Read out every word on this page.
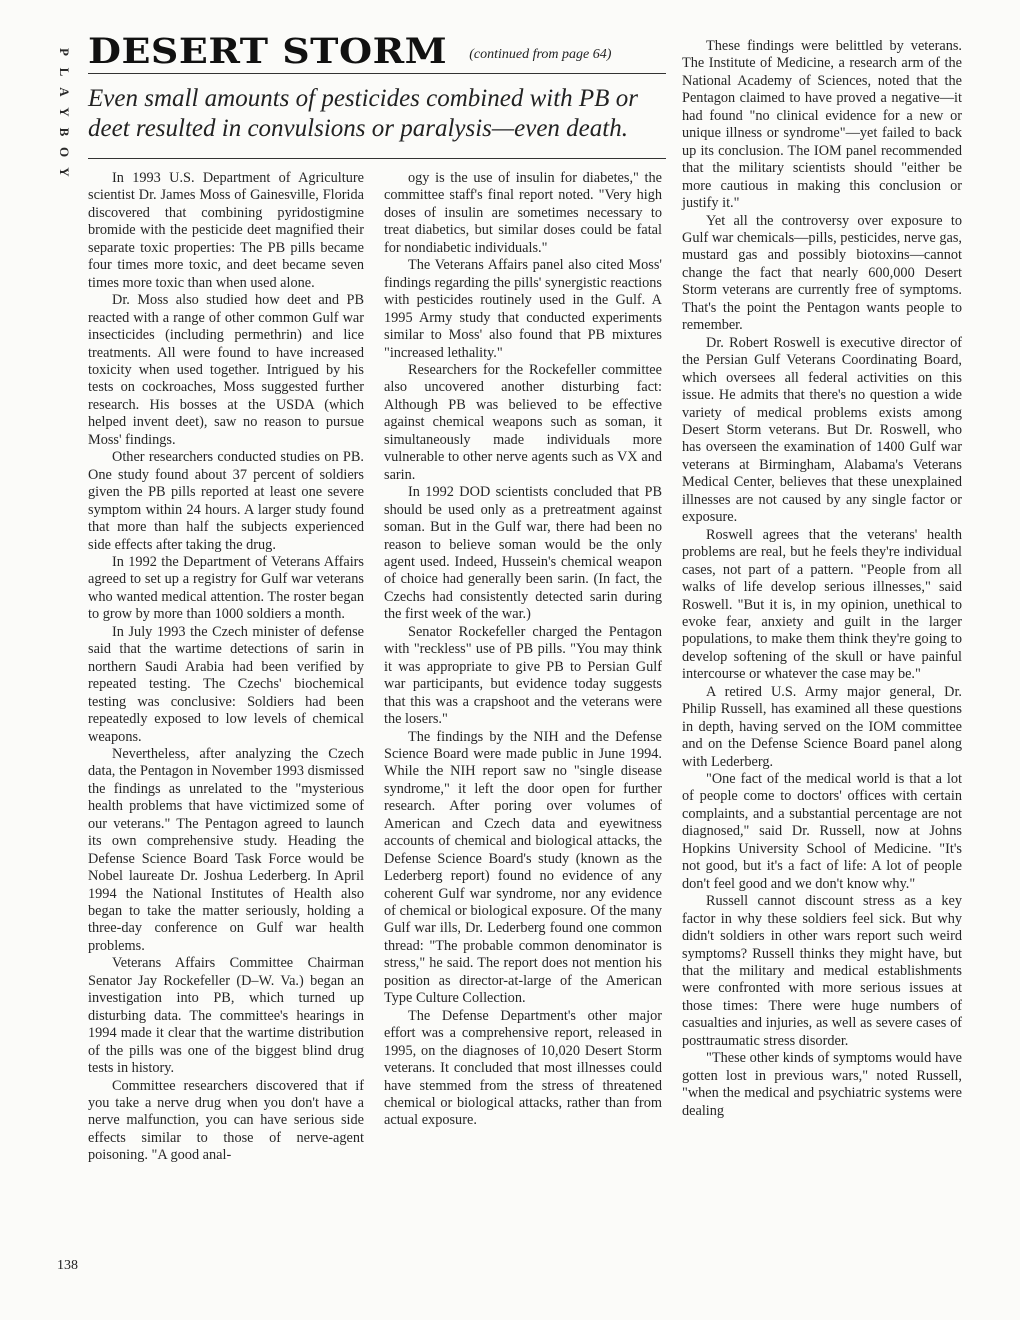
P
L
A
Y
B
O
Y
DESERT STORM (continued from page 64)
Even small amounts of pesticides combined with PB or deet resulted in convulsions or paralysis—even death.

In 1993 U.S. Department of Agriculture scientist Dr. James Moss of Gainesville, Florida discovered that combining pyridostigmine bromide with the pesticide deet magnified their separate toxic properties: The PB pills became four times more toxic, and deet became seven times more toxic than when used alone.

Dr. Moss also studied how deet and PB reacted with a range of other common Gulf war insecticides (including permethrin) and lice treatments. All were found to have increased toxicity when used together. Intrigued by his tests on cockroaches, Moss suggested further research. His bosses at the USDA (which helped invent deet), saw no reason to pursue Moss' findings.

Other researchers conducted studies on PB. One study found about 37 percent of soldiers given the PB pills reported at least one severe symptom within 24 hours. A larger study found that more than half the subjects experienced side effects after taking the drug.

In 1992 the Department of Veterans Affairs agreed to set up a registry for Gulf war veterans who wanted medical attention. The roster began to grow by more than 1000 soldiers a month.

In July 1993 the Czech minister of defense said that the wartime detections of sarin in northern Saudi Arabia had been verified by repeated testing. The Czechs' biochemical testing was conclusive: Soldiers had been repeatedly exposed to low levels of chemical weapons.

Nevertheless, after analyzing the Czech data, the Pentagon in November 1993 dismissed the findings as unrelated to the "mysterious health problems that have victimized some of our veterans." The Pentagon agreed to launch its own comprehensive study. Heading the Defense Science Board Task Force would be Nobel laureate Dr. Joshua Lederberg. In April 1994 the National Institutes of Health also began to take the matter seriously, holding a three-day conference on Gulf war health problems.

Veterans Affairs Committee Chairman Senator Jay Rockefeller (D–W. Va.) began an investigation into PB, which turned up disturbing data. The committee's hearings in 1994 made it clear that the wartime distribution of the pills was one of the biggest blind drug tests in history.

Committee researchers discovered that if you take a nerve drug when you don't have a nerve malfunction, you can have serious side effects similar to those of nerve-agent poisoning. "A good anal-

ogy is the use of insulin for diabetes," the committee staff's final report noted. "Very high doses of insulin are sometimes necessary to treat diabetics, but similar doses could be fatal for nondiabetic individuals."

The Veterans Affairs panel also cited Moss' findings regarding the pills' synergistic reactions with pesticides routinely used in the Gulf. A 1995 Army study that conducted experiments similar to Moss' also found that PB mixtures "increased lethality."

Researchers for the Rockefeller committee also uncovered another disturbing fact: Although PB was believed to be effective against chemical weapons such as soman, it simultaneously made individuals more vulnerable to other nerve agents such as VX and sarin.

In 1992 DOD scientists concluded that PB should be used only as a pretreatment against soman. But in the Gulf war, there had been no reason to believe soman would be the only agent used. Indeed, Hussein's chemical weapon of choice had generally been sarin. (In fact, the Czechs had consistently detected sarin during the first week of the war.)

Senator Rockefeller charged the Pentagon with "reckless" use of PB pills. "You may think it was appropriate to give PB to Persian Gulf war participants, but evidence today suggests that this was a crapshoot and the veterans were the losers."

The findings by the NIH and the Defense Science Board were made public in June 1994. While the NIH report saw no "single disease syndrome," it left the door open for further research. After poring over volumes of American and Czech data and eyewitness accounts of chemical and biological attacks, the Defense Science Board's study (known as the Lederberg report) found no evidence of any coherent Gulf war syndrome, nor any evidence of chemical or biological exposure. Of the many Gulf war ills, Dr. Lederberg found one common thread: "The probable common denominator is stress," he said. The report does not mention his position as director-at-large of the American Type Culture Collection.

The Defense Department's other major effort was a comprehensive report, released in 1995, on the diagnoses of 10,020 Desert Storm veterans. It concluded that most illnesses could have stemmed from the stress of threatened chemical or biological attacks, rather than from actual exposure.

These findings were belittled by veterans. The Institute of Medicine, a research arm of the National Academy of Sciences, noted that the Pentagon claimed to have proved a negative—it had found "no clinical evidence for a new or unique illness or syndrome"—yet failed to back up its conclusion. The IOM panel recommended that the military scientists should "either be more cautious in making this conclusion or justify it."

Yet all the controversy over exposure to Gulf war chemicals—pills, pesticides, nerve gas, mustard gas and possibly biotoxins—cannot change the fact that nearly 600,000 Desert Storm veterans are currently free of symptoms. That's the point the Pentagon wants people to remember.

Dr. Robert Roswell is executive director of the Persian Gulf Veterans Coordinating Board, which oversees all federal activities on this issue. He admits that there's no question a wide variety of medical problems exists among Desert Storm veterans. But Dr. Roswell, who has overseen the examination of 1400 Gulf war veterans at Birmingham, Alabama's Veterans Medical Center, believes that these unexplained illnesses are not caused by any single factor or exposure.

Roswell agrees that the veterans' health problems are real, but he feels they're individual cases, not part of a pattern. "People from all walks of life develop serious illnesses," said Roswell. "But it is, in my opinion, unethical to evoke fear, anxiety and guilt in the larger populations, to make them think they're going to develop softening of the skull or have painful intercourse or whatever the case may be."

A retired U.S. Army major general, Dr. Philip Russell, has examined all these questions in depth, having served on the IOM committee and on the Defense Science Board panel along with Lederberg.

"One fact of the medical world is that a lot of people come to doctors' offices with certain complaints, and a substantial percentage are not diagnosed," said Dr. Russell, now at Johns Hopkins University School of Medicine. "It's not good, but it's a fact of life: A lot of people don't feel good and we don't know why."

Russell cannot discount stress as a key factor in why these soldiers feel sick. But why didn't soldiers in other wars report such weird symptoms? Russell thinks they might have, but that the military and medical establishments were confronted with more serious issues at those times: There were huge numbers of casualties and injuries, as well as severe cases of posttraumatic stress disorder.

"These other kinds of symptoms would have gotten lost in previous wars," noted Russell, "when the medical and psychiatric systems were dealing

138
